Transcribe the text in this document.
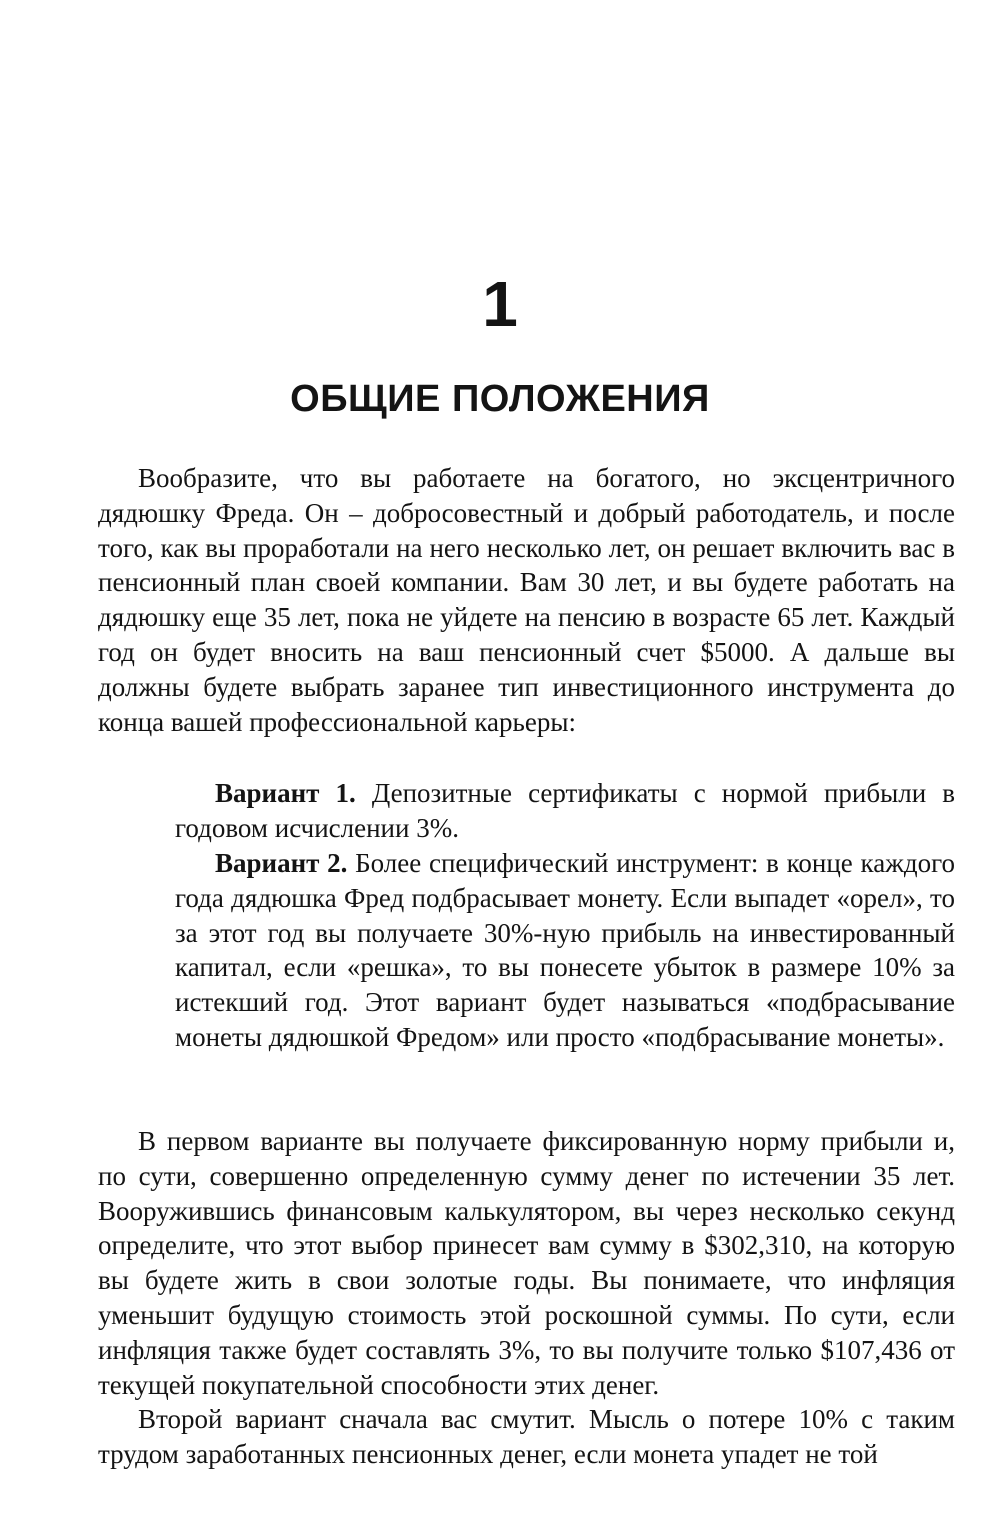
1
ОБЩИЕ ПОЛОЖЕНИЯ

Вообразите, что вы работаете на богатого, но эксцентричного дядюшку Фреда. Он – добросовестный и добрый работодатель, и после того, как вы проработали на него несколько лет, он решает включить вас в пенсионный план своей компании. Вам 30 лет, и вы будете работать на дядюшку еще 35 лет, пока не уйдете на пенсию в возрасте 65 лет. Каждый год он будет вносить на ваш пенсионный счет $5000. А дальше вы должны будете выбрать заранее тип инвестиционного инструмента до конца вашей профессиональной карьеры:

Вариант 1. Депозитные сертификаты с нормой прибыли в годовом исчислении 3%.

Вариант 2. Более специфический инструмент: в конце каждого года дядюшка Фред подбрасывает монету. Если выпадет «орел», то за этот год вы получаете 30%-ную прибыль на инвестированный капитал, если «решка», то вы понесете убыток в размере 10% за истекший год. Этот вариант будет называться «подбрасывание монеты дядюшкой Фредом» или просто «подбрасывание монеты».

В первом варианте вы получаете фиксированную норму прибыли и, по сути, совершенно определенную сумму денег по истечении 35 лет. Вооружившись финансовым калькулятором, вы через несколько секунд определите, что этот выбор принесет вам сумму в $302,310, на которую вы будете жить в свои золотые годы. Вы понимаете, что инфляция уменьшит будущую стоимость этой роскошной суммы. По сути, если инфляция также будет составлять 3%, то вы получите только $107,436 от текущей покупательной способности этих денег.

Второй вариант сначала вас смутит. Мысль о потере 10% с таким трудом заработанных пенсионных денег, если монета упадет не той
